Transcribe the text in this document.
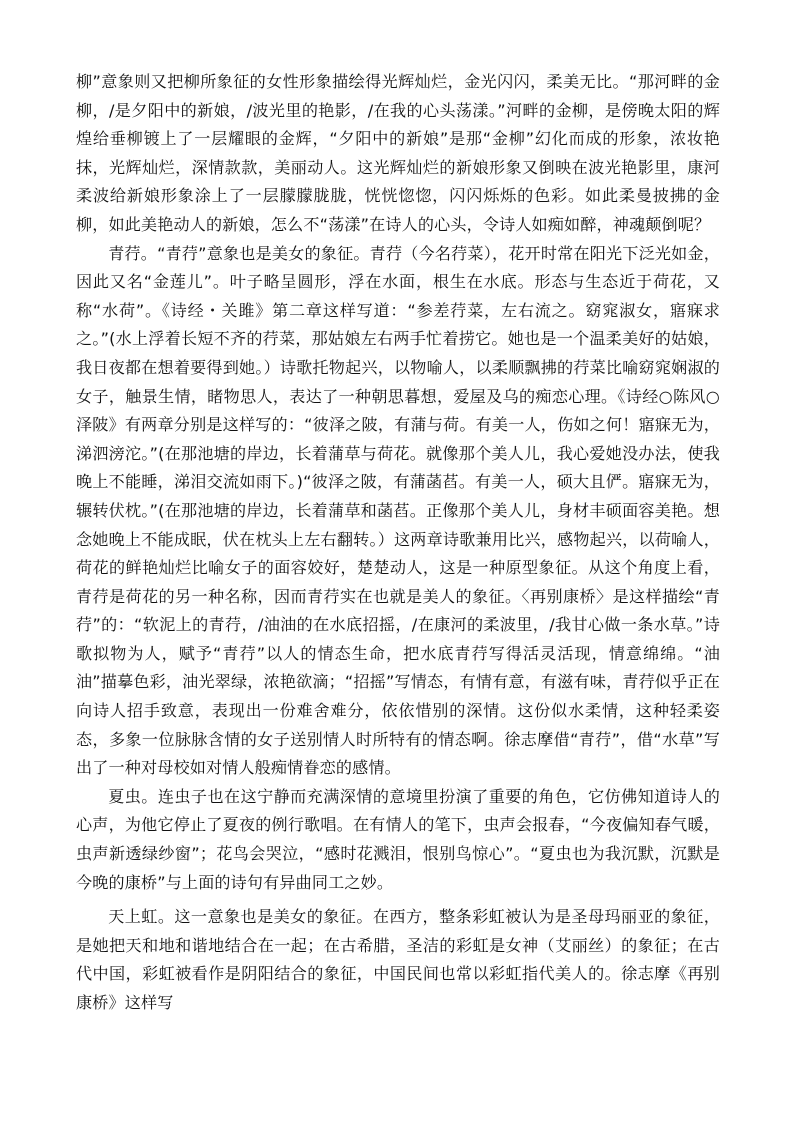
柳”意象则又把柳所象征的女性形象描绘得光辉灿烂，金光闪闪，柔美无比。“那河畔的金柳，/是夕阳中的新娘，/波光里的艳影，/在我的心头荡漾。”河畔的金柳，是傍晚太阳的辉煌给垂柳镀上了一层耀眼的金辉，“夕阳中的新娘”是那“金柳”幻化而成的形象，浓妆艳抹，光辉灿烂，深情款款，美丽动人。这光辉灿烂的新娘形象又倒映在波光艳影里，康河柔波给新娘形象涂上了一层朦朦胧胧，恍恍惚惚，闪闪烁烁的色彩。如此柔曼披拂的金柳，如此美艳动人的新娘，怎么不“荡漾”在诗人的心头，令诗人如痴如醉，神魂颠倒呢？

青荇。“青荇”意象也是美女的象征。青荇（今名荇菜），花开时常在阳光下泛光如金，因此又名“金莲儿”。叶子略呈圆形，浮在水面，根生在水底。形态与生态近于荷花，又称“水荷”。《诗经・关雎》第二章这样写道：“参差荇菜，左右流之。窈窕淑女，寤寐求之。”(水上浮着长短不齐的荇菜，那姑娘左右两手忙着捞它。她也是一个温柔美好的姑娘，我日夜都在想着要得到她。）诗歌托物起兴，以物喻人，以柔顺飘拂的荇菜比喻窈窕娴淑的女子，触景生情，睹物思人，表达了一种朝思暮想，爱屋及乌的痴恋心理。《诗经○陈风○泽陂》有两章分别是这样写的：“彼泽之陂，有蒲与荷。有美一人，伤如之何！寤寐无为，涕泗滂沱。”(在那池塘的岸边，长着蒲草与荷花。就像那个美人儿，我心爱她没办法，使我晚上不能睡，涕泪交流如雨下。)“彼泽之陂，有蒲菡萏。有美一人，硕大且俨。寤寐无为，辗转伏枕。”(在那池塘的岸边，长着蒲草和菡萏。正像那个美人儿，身材丰硕面容美艳。想念她晚上不能成眠，伏在枕头上左右翻转。）这两章诗歌兼用比兴，感物起兴，以荷喻人，荷花的鲜艳灿烂比喻女子的面容姣好，楚楚动人，这是一种原型象征。从这个角度上看，青荇是荷花的另一种名称，因而青荇实在也就是美人的象征。〈再别康桥〉是这样描绘“青荇”的：“软泥上的青荇，/油油的在水底招摇，/在康河的柔波里，/我甘心做一条水草。”诗歌拟物为人，赋予“青荇”以人的情态生命，把水底青荇写得活灵活现，情意绵绵。“油油”描摹色彩，油光翠绿，浓艳欲滴；“招摇”写情态，有情有意，有滋有味，青荇似乎正在向诗人招手致意，表现出一份难舍难分，依依惜别的深情。这份似水柔情，这种轻柔姿态，多象一位脉脉含情的女子送别情人时所特有的情态啊。徐志摩借“青荇”，借“水草”写出了一种对母校如对情人般痴情眷恋的感情。

夏虫。连虫子也在这宁静而充满深情的意境里扮演了重要的角色，它仿佛知道诗人的心声，为他它停止了夏夜的例行歌唱。在有情人的笔下，虫声会报春，“今夜偏知春气暖，虫声新透绿纱窗”；花鸟会哭泣，“感时花溅泪，恨别鸟惊心”。“夏虫也为我沉默，沉默是今晚的康桥”与上面的诗句有异曲同工之妙。

天上虹。这一意象也是美女的象征。在西方，整条彩虹被认为是圣母玛丽亚的象征，是她把天和地和谐地结合在一起；在古希腊，圣洁的彩虹是女神（艾丽丝）的象征；在古代中国，彩虹被看作是阴阳结合的象征，中国民间也常以彩虹指代美人的。徐志摩《再别康桥》这样写
